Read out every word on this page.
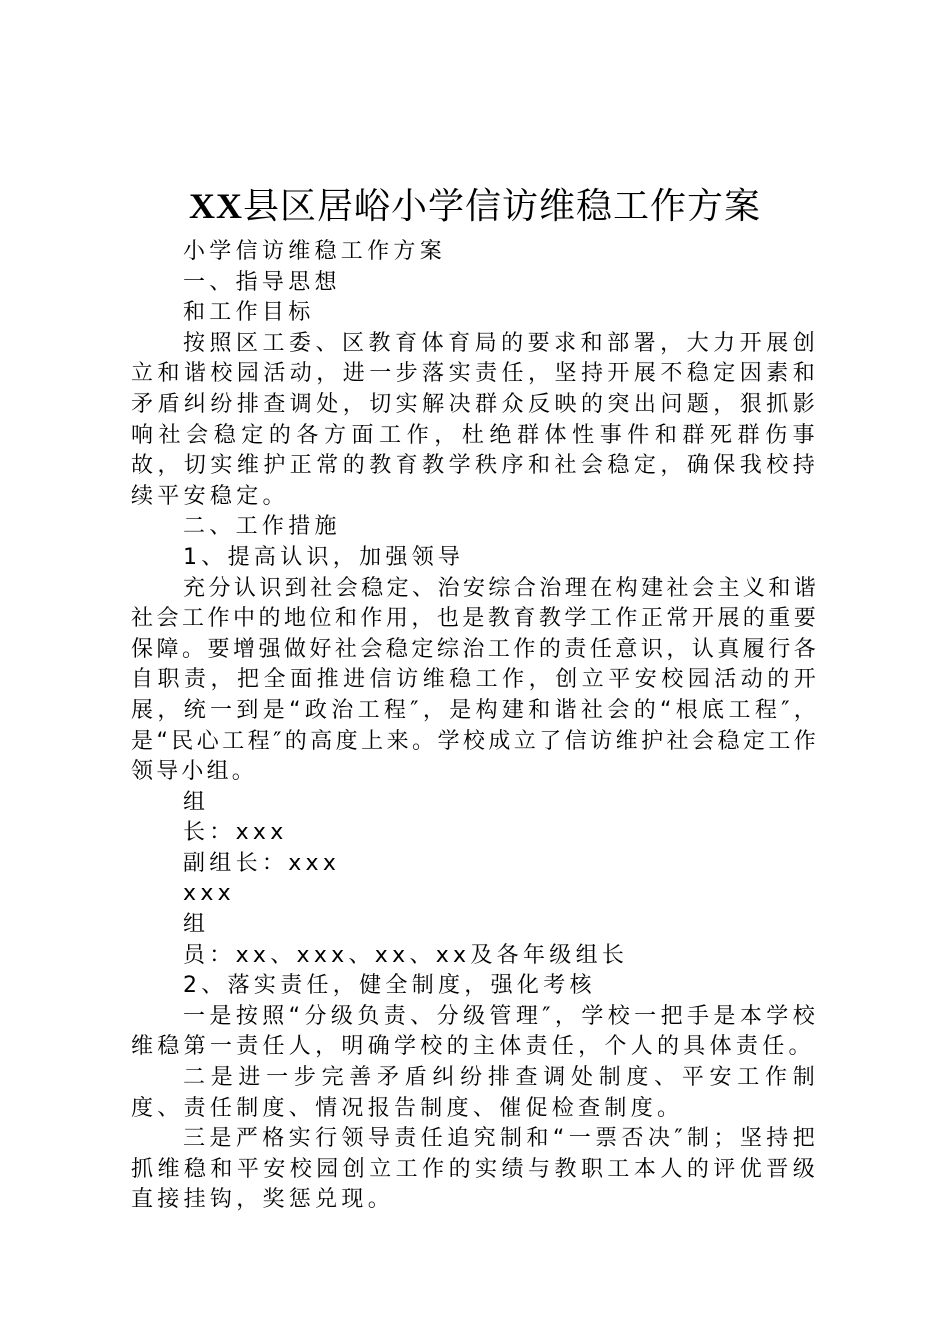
XX县区居峪小学信访维稳工作方案

小学信访维稳工作方案

一、指导思想

和工作目标

按照区工委、区教育体育局的要求和部署，大力开展创立和谐校园活动，进一步落实责任，坚持开展不稳定因素和矛盾纠纷排查调处，切实解决群众反映的突出问题，狠抓影响社会稳定的各方面工作，杜绝群体性事件和群死群伤事故，切实维护正常的教育教学秩序和社会稳定，确保我校持续平安稳定。

二、工作措施

1、提高认识，加强领导

充分认识到社会稳定、治安综合治理在构建社会主义和谐社会工作中的地位和作用，也是教育教学工作正常开展的重要保障。要增强做好社会稳定综治工作的责任意识，认真履行各自职责，把全面推进信访维稳工作，创立平安校园活动的开展，统一到是“政治工程″，是构建和谐社会的“根底工程″，是“民心工程″的高度上来。学校成立了信访维护社会稳定工作领导小组。

组

长：xxx

副组长：xxx

xxx

组

员：xx、xxx、xx、xx及各年级组长

2、落实责任，健全制度，强化考核

一是按照“分级负责、分级管理″，学校一把手是本学校维稳第一责任人，明确学校的主体责任，个人的具体责任。

二是进一步完善矛盾纠纷排查调处制度、平安工作制度、责任制度、情况报告制度、催促检查制度。

三是严格实行领导责任追究制和“一票否决″制；坚持把抓维稳和平安校园创立工作的实绩与教职工本人的评优晋级直接挂钩，奖惩兑现。
